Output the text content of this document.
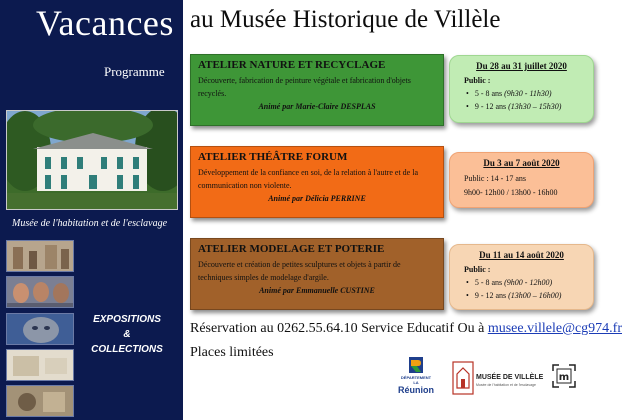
Vacances
Programme
Musée de l'habitation et de l'esclavage
EXPOSITIONS
&
COLLECTIONS
au Musée Historique de Villèle
ATELIER NATURE ET RECYCLAGE
Découverte, fabrication de peinture végétale et fabrication d'objets recyclés.
Animé par Marie-Claire DESPLAS
Du 28 au 31 juillet 2020
Public :
• 5 - 8 ans (9h30 - 11h30)
• 9 - 12 ans (13h30 – 15h30)
ATELIER THÉÂTRE FORUM
Développement de la confiance en soi, de la relation à l'autre et de la communication non violente.
Animé par Délicia PERRINE
Du 3 au 7 août 2020
Public : 14 - 17 ans
9h00- 12h00 / 13h00 - 16h00
ATELIER MODELAGE ET POTERIE
Découverte et création de petites sculptures et objets à partir de techniques simples de modelage d'argile.
Animé par Emmanuelle CUSTINE
Du 11 au 14 août 2020
Public :
• 5 - 8 ans (9h00 - 12h00)
• 9 - 12 ans (13h00 – 16h00)
Réservation au 0262.55.64.10 Service Educatif Ou à musee.villele@cg974.fr
Places limitées
DÉPARTEMENT
LA
Réunion
MUSÉE DE VILLÈLE
Musée de l'habitation et de l'esclavage
m
